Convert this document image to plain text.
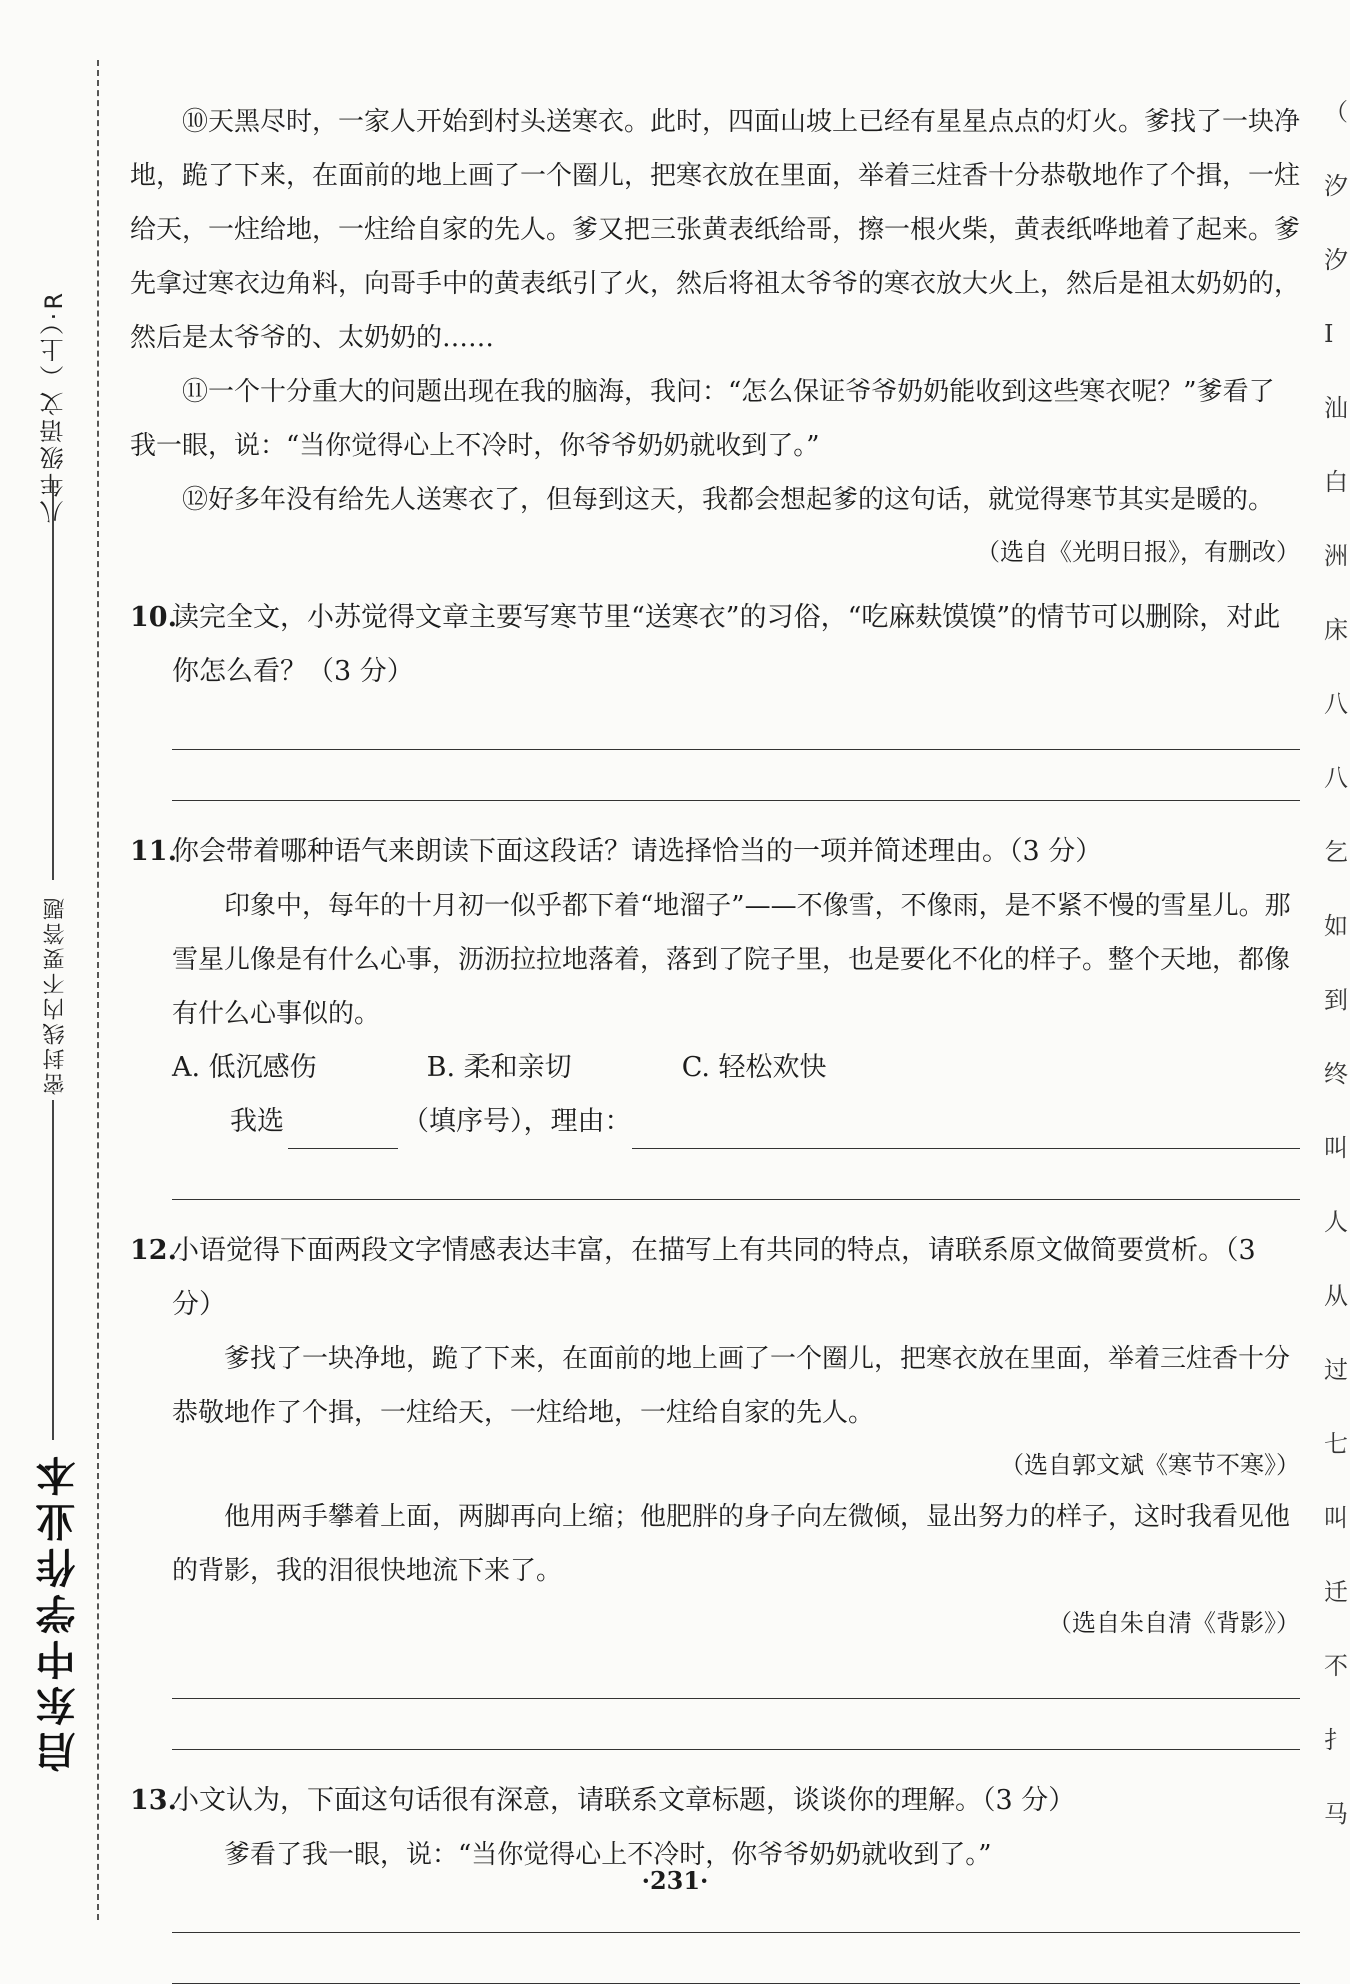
八年级语文（上）·R
密封线内不要答题
启东中学作业本

⑩天黑尽时，一家人开始到村头送寒衣。此时，四面山坡上已经有星星点点的灯火。爹找了一块净地，跪了下来，在面前的地上画了一个圈儿，把寒衣放在里面，举着三炷香十分恭敬地作了个揖，一炷给天，一炷给地，一炷给自家的先人。爹又把三张黄表纸给哥，擦一根火柴，黄表纸哗地着了起来。爹先拿过寒衣边角料，向哥手中的黄表纸引了火，然后将祖太爷爷的寒衣放大火上，然后是祖太奶奶的，然后是太爷爷的、太奶奶的……

⑪一个十分重大的问题出现在我的脑海，我问：“怎么保证爷爷奶奶能收到这些寒衣呢？”爹看了我一眼，说：“当你觉得心上不冷时，你爷爷奶奶就收到了。”

⑫好多年没有给先人送寒衣了，但每到这天，我都会想起爹的这句话，就觉得寒节其实是暖的。

（选自《光明日报》，有删改）

10.
读完全文，小苏觉得文章主要写寒节里“送寒衣”的习俗，“吃麻麸馍馍”的情节可以删除，对此你怎么看？（3 分）
11.
你会带着哪种语气来朗读下面这段话？请选择恰当的一项并简述理由。（3 分）

印象中，每年的十月初一似乎都下着“地溜子”——不像雪，不像雨，是不紧不慢的雪星儿。那雪星儿像是有什么心事，沥沥拉拉地落着，落到了院子里，也是要化不化的样子。整个天地，都像有什么心事似的。

A. 低沉感伤	B. 柔和亲切	C. 轻松欢快
我选	（填序号），理由：
12.
小语觉得下面两段文字情感表达丰富，在描写上有共同的特点，请联系原文做简要赏析。（3 分）

爹找了一块净地，跪了下来，在面前的地上画了一个圈儿，把寒衣放在里面，举着三炷香十分恭敬地作了个揖，一炷给天，一炷给地，一炷给自家的先人。

（选自郭文斌《寒节不寒》）

他用两手攀着上面，两脚再向上缩；他肥胖的身子向左微倾，显出努力的样子，这时我看见他的背影，我的泪很快地流下来了。

（选自朱自清《背影》）

13.
小文认为，下面这句话很有深意，请联系文章标题，谈谈你的理解。（3 分）

爹看了我一眼，说：“当你觉得心上不冷时，你爷爷奶奶就收到了。”

·231·
（
汐
汐
I
汕
白
洲
床
八
八
乞
如
到
终
叫
人
从
过
七
叫
迁
不
扌
马
